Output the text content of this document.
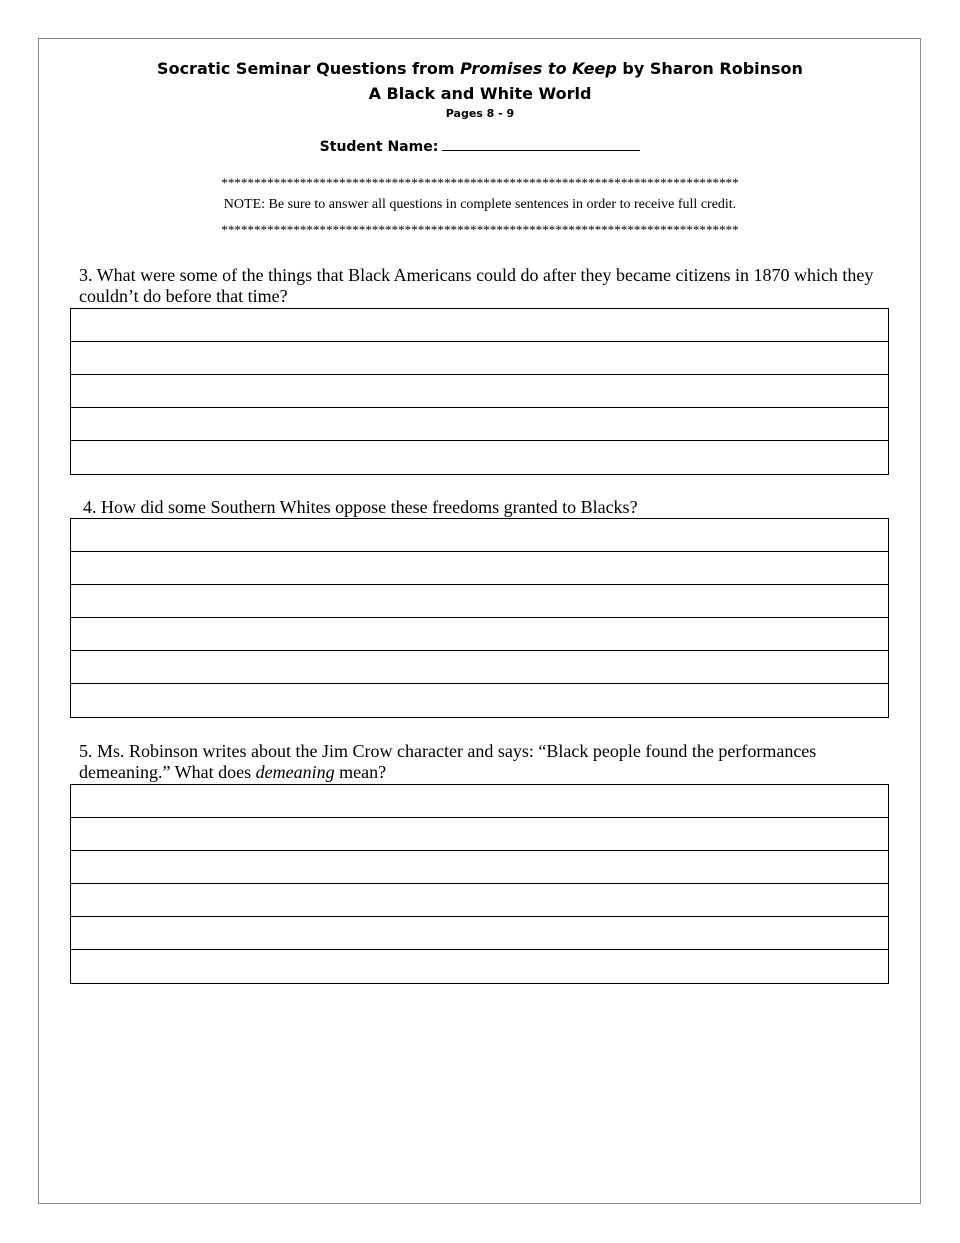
Socratic Seminar Questions from Promises to Keep by Sharon Robinson
A Black and White World
Pages 8 - 9
Student Name:
*******************************************************************************
NOTE: Be sure to answer all questions in complete sentences in order to receive full credit.
*******************************************************************************
3. What were some of the things that Black Americans could do after they became citizens in 1870 which they couldn’t do before that time?
4. How did some Southern Whites oppose these freedoms granted to Blacks?
5. Ms. Robinson writes about the Jim Crow character and says: “Black people found the performances demeaning.” What does demeaning mean?
